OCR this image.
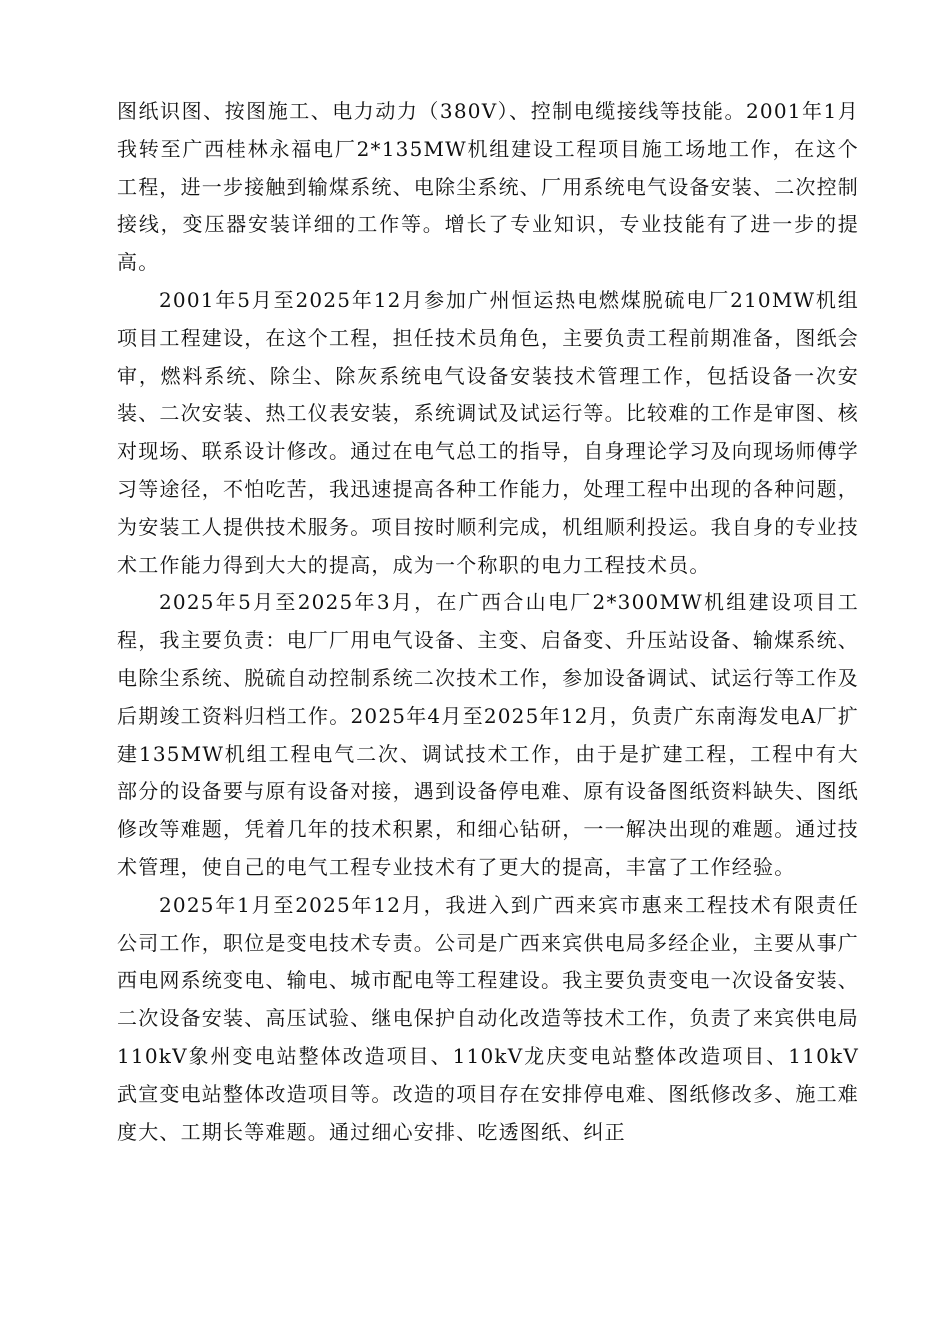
图纸识图、按图施工、电力动力（380V）、控制电缆接线等技能。2001年1月我转至广西桂林永福电厂2*135MW机组建设工程项目施工场地工作，在这个工程，进一步接触到输煤系统、电除尘系统、厂用系统电气设备安装、二次控制接线，变压器安装详细的工作等。增长了专业知识，专业技能有了进一步的提高。

2001年5月至2025年12月参加广州恒运热电燃煤脱硫电厂210MW机组项目工程建设，在这个工程，担任技术员角色，主要负责工程前期准备，图纸会审，燃料系统、除尘、除灰系统电气设备安装技术管理工作，包括设备一次安装、二次安装、热工仪表安装，系统调试及试运行等。比较难的工作是审图、核对现场、联系设计修改。通过在电气总工的指导，自身理论学习及向现场师傅学习等途径，不怕吃苦，我迅速提高各种工作能力，处理工程中出现的各种问题，为安装工人提供技术服务。项目按时顺利完成，机组顺利投运。我自身的专业技术工作能力得到大大的提高，成为一个称职的电力工程技术员。

2025年5月至2025年3月，在广西合山电厂2*300MW机组建设项目工程，我主要负责：电厂厂用电气设备、主变、启备变、升压站设备、输煤系统、电除尘系统、脱硫自动控制系统二次技术工作，参加设备调试、试运行等工作及后期竣工资料归档工作。2025年4月至2025年12月，负责广东南海发电A厂扩建135MW机组工程电气二次、调试技术工作，由于是扩建工程，工程中有大部分的设备要与原有设备对接，遇到设备停电难、原有设备图纸资料缺失、图纸修改等难题，凭着几年的技术积累，和细心钻研，一一解决出现的难题。通过技术管理，使自己的电气工程专业技术有了更大的提高，丰富了工作经验。

2025年1月至2025年12月，我进入到广西来宾市惠来工程技术有限责任公司工作，职位是变电技术专责。公司是广西来宾供电局多经企业，主要从事广西电网系统变电、输电、城市配电等工程建设。我主要负责变电一次设备安装、二次设备安装、高压试验、继电保护自动化改造等技术工作，负责了来宾供电局110kV象州变电站整体改造项目、110kV龙庆变电站整体改造项目、110kV武宣变电站整体改造项目等。改造的项目存在安排停电难、图纸修改多、施工难度大、工期长等难题。通过细心安排、吃透图纸、纠正
